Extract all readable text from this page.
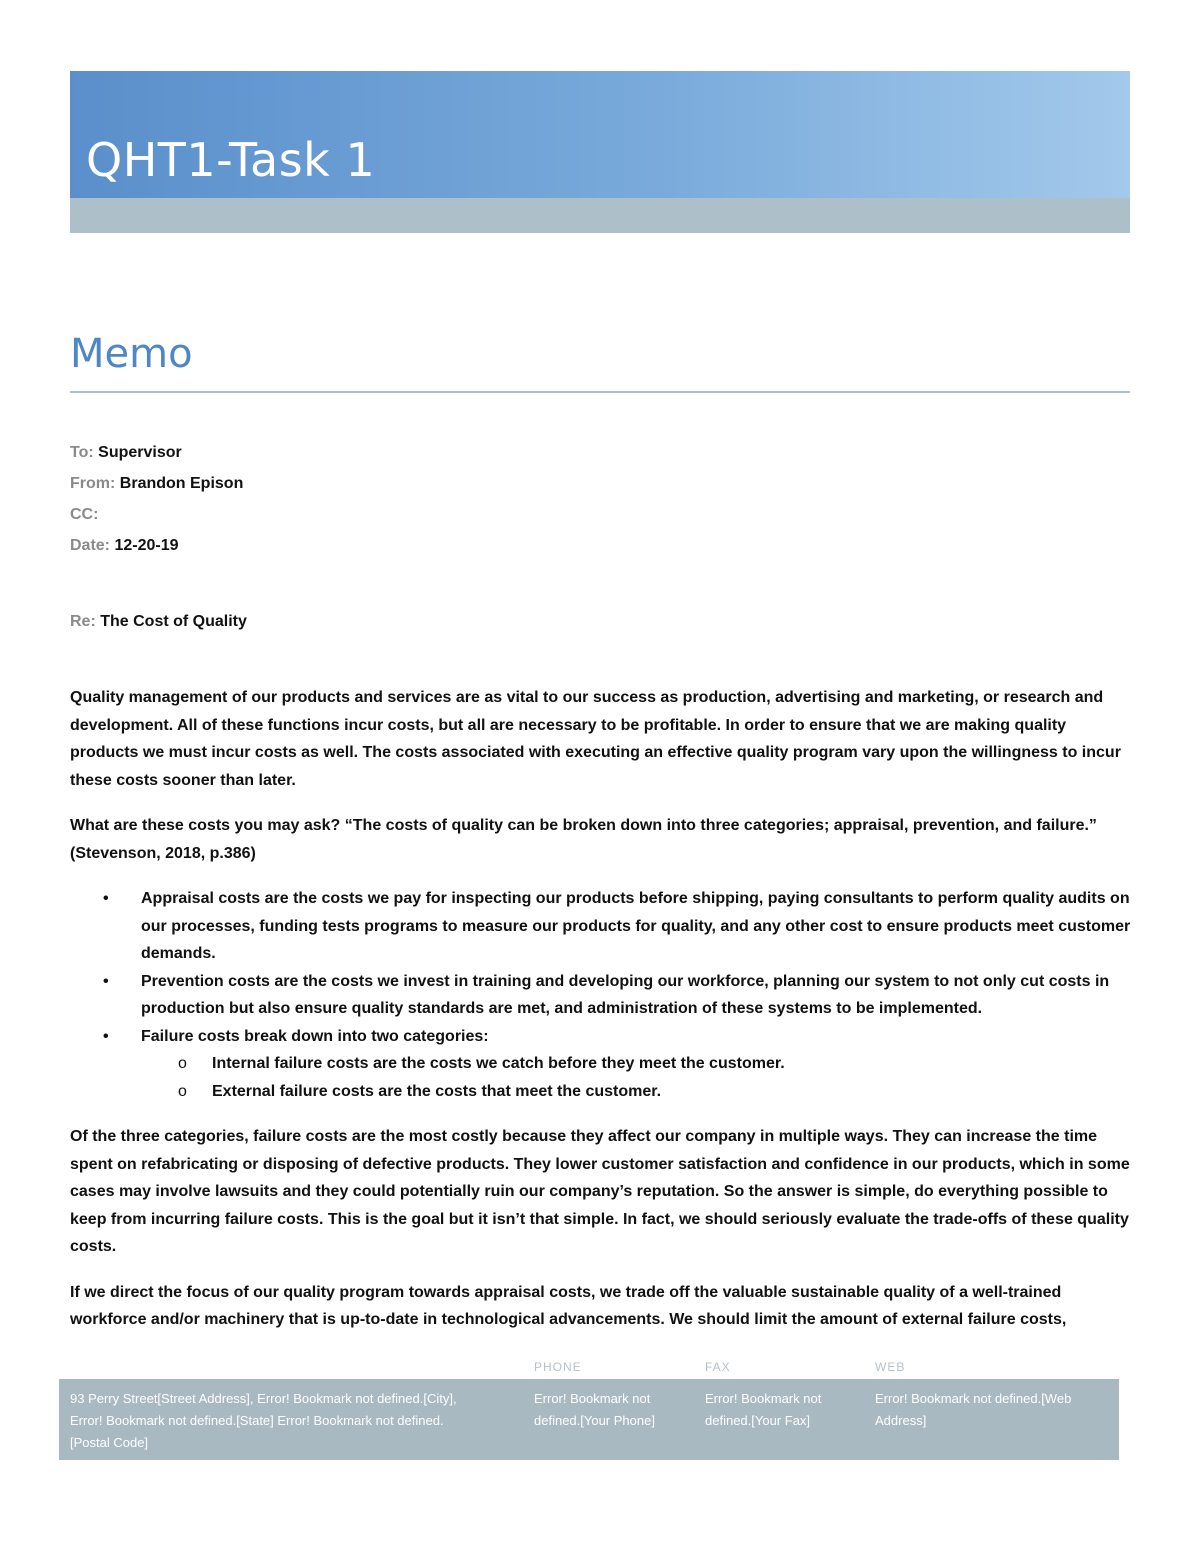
QHT1-Task 1
Memo
To: Supervisor
From: Brandon Epison
CC:
Date: 12-20-19
Re: The Cost of Quality

Quality management of our products and services are as vital to our success as production, advertising and marketing, or research and development. All of these functions incur costs, but all are necessary to be profitable. In order to ensure that we are making quality products we must incur costs as well. The costs associated with executing an effective quality program vary upon the willingness to incur these costs sooner than later.

What are these costs you may ask? “The costs of quality can be broken down into three categories; appraisal, prevention, and failure.” (Stevenson, 2018, p.386)

• Appraisal costs are the costs we pay for inspecting our products before shipping, paying consultants to perform quality audits on our processes, funding tests programs to measure our products for quality, and any other cost to ensure products meet customer demands.
• Prevention costs are the costs we invest in training and developing our workforce, planning our system to not only cut costs in production but also ensure quality standards are met, and administration of these systems to be implemented.
• Failure costs break down into two categories:
o Internal failure costs are the costs we catch before they meet the customer.
o External failure costs are the costs that meet the customer.

Of the three categories, failure costs are the most costly because they affect our company in multiple ways. They can increase the time spent on refabricating or disposing of defective products. They lower customer satisfaction and confidence in our products, which in some cases may involve lawsuits and they could potentially ruin our company’s reputation. So the answer is simple, do everything possible to keep from incurring failure costs. This is the goal but it isn’t that simple. In fact, we should seriously evaluate the trade-offs of these quality costs.

If we direct the focus of our quality program towards appraisal costs, we trade off the valuable sustainable quality of a well-trained workforce and/or machinery that is up-to-date in technological advancements. We should limit the amount of external failure costs,

PHONE	FAX	WEB
93 Perry Street[Street Address], Error! Bookmark not defined.[City],
Error! Bookmark not defined.[State] Error! Bookmark not defined.
[Postal Code]
Error! Bookmark not
defined.[Your Phone]
Error! Bookmark not
defined.[Your Fax]
Error! Bookmark not defined.[Web
Address]
